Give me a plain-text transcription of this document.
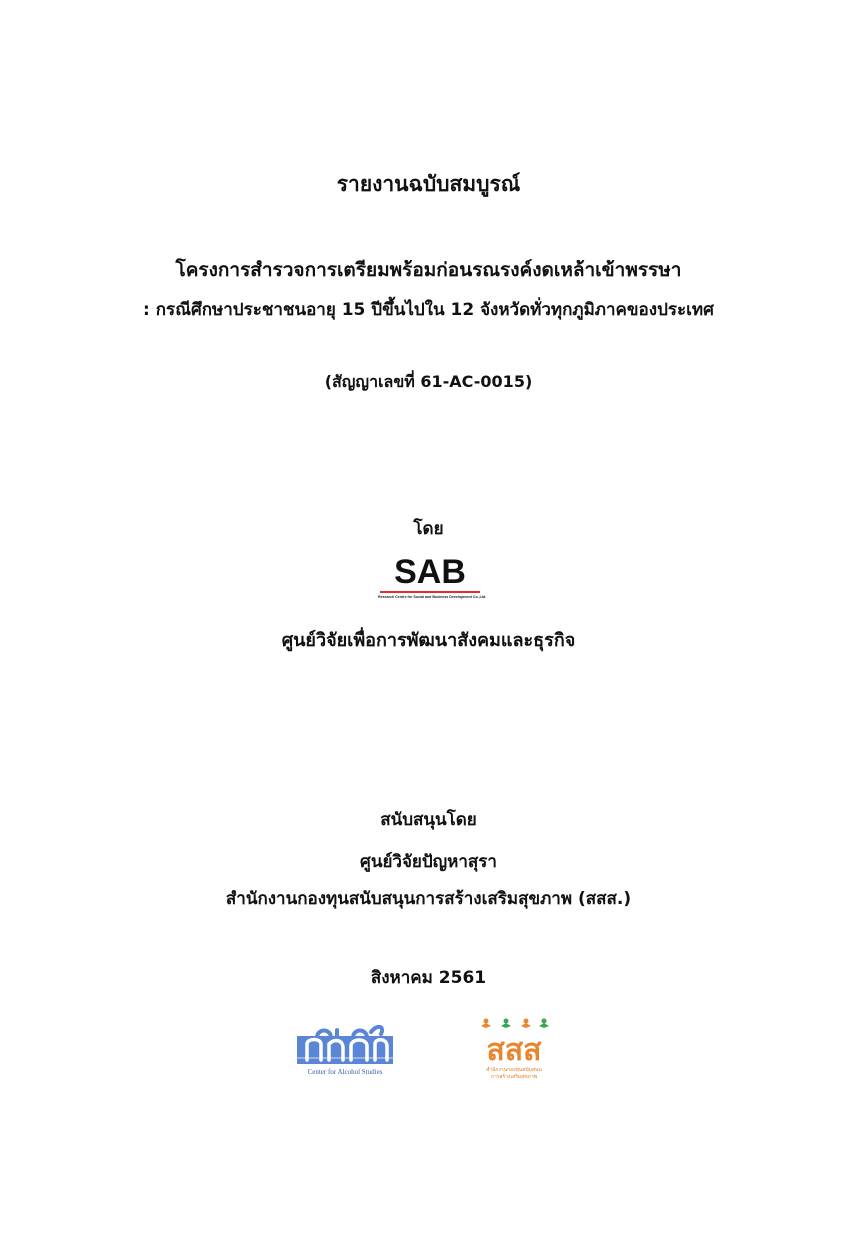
รายงานฉบับสมบูรณ์
โครงการสำรวจการเตรียมพร้อมก่อนรณรงค์งดเหล้าเข้าพรรษา
: กรณีศึกษาประชาชนอายุ 15 ปีขึ้นไปใน 12 จังหวัดทั่วทุกภูมิภาคของประเทศ
(สัญญาเลขที่ 61-AC-0015)
โดย
SAB
Research Centre for Social and Business Development Co.,Ltd.
ศูนย์วิจัยเพื่อการพัฒนาสังคมและธุรกิจ
สนับสนุนโดย
ศูนย์วิจัยปัญหาสุรา
สำนักงานกองทุนสนับสนุนการสร้างเสริมสุขภาพ (สสส.)
สิงหาคม 2561
Center for Alcohol Studies
สสส
สำนักงานกองทุนสนับสนุน
การสร้างเสริมสุขภาพ
